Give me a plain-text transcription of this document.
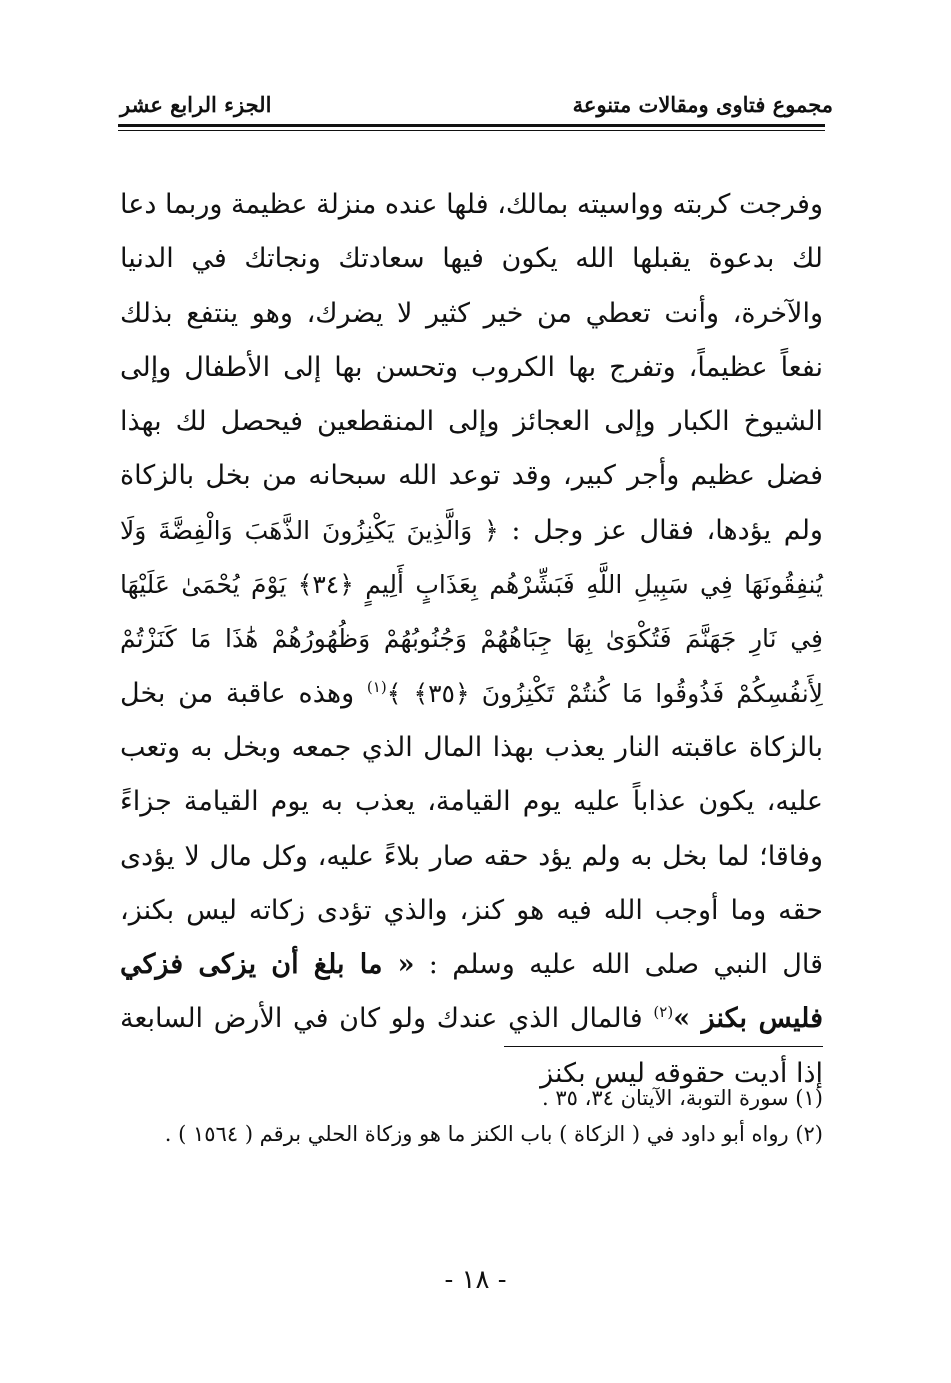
مجموع فتاوى ومقالات متنوعة
الجزء الرابع عشر
وفرجت كربته وواسيته بمالك، فلها عنده منزلة عظيمة وربما دعا لك بدعوة يقبلها الله يكون فيها سعادتك ونجاتك في الدنيا والآخرة، وأنت تعطي من خير كثير لا يضرك، وهو ينتفع بذلك نفعاً عظيماً، وتفرج بها الكروب وتحسن بها إلى الأطفال وإلى الشيوخ الكبار وإلى العجائز وإلى المنقطعين فيحصل لك بهذا فضل عظيم وأجر كبير، وقد توعد الله سبحانه من بخل بالزكاة ولم يؤدها، فقال عز وجل : ﴿ وَالَّذِينَ يَكْنِزُونَ الذَّهَبَ وَالْفِضَّةَ وَلَا يُنفِقُونَهَا فِي سَبِيلِ اللَّهِ فَبَشِّرْهُم بِعَذَابٍ أَلِيمٍ ﴿٣٤﴾ يَوْمَ يُحْمَىٰ عَلَيْهَا فِي نَارِ جَهَنَّمَ فَتُكْوَىٰ بِهَا جِبَاهُهُمْ وَجُنُوبُهُمْ وَظُهُورُهُمْ هَٰذَا مَا كَنَزْتُمْ لِأَنفُسِكُمْ فَذُوقُوا مَا كُنتُمْ تَكْنِزُونَ ﴿٣٥﴾ ﴾$^{(١)}$ وهذه عاقبة من بخل بالزكاة عاقبته النار يعذب بهذا المال الذي جمعه وبخل به وتعب عليه، يكون عذاباً عليه يوم القيامة، يعذب به يوم القيامة جزاءً وفاقا؛ لما بخل به ولم يؤد حقه صار بلاءً عليه، وكل مال لا يؤدى حقه وما أوجب الله فيه هو كنز، والذي تؤدى زكاته ليس بكنز، قال النبي صلى الله عليه وسلم : « ما بلغ أن يزكى فزكي فليس بكنز »$^{(٢)}$ فالمال الذي عندك ولو كان في الأرض السابعة إذا أديت حقوقه ليس بكنز
(١) سورة التوبة، الآيتان ٣٤، ٣٥ .
(٢) رواه أبو داود في ( الزكاة ) باب الكنز ما هو وزكاة الحلي برقم ( ١٥٦٤ ) .
- ١٨ -
